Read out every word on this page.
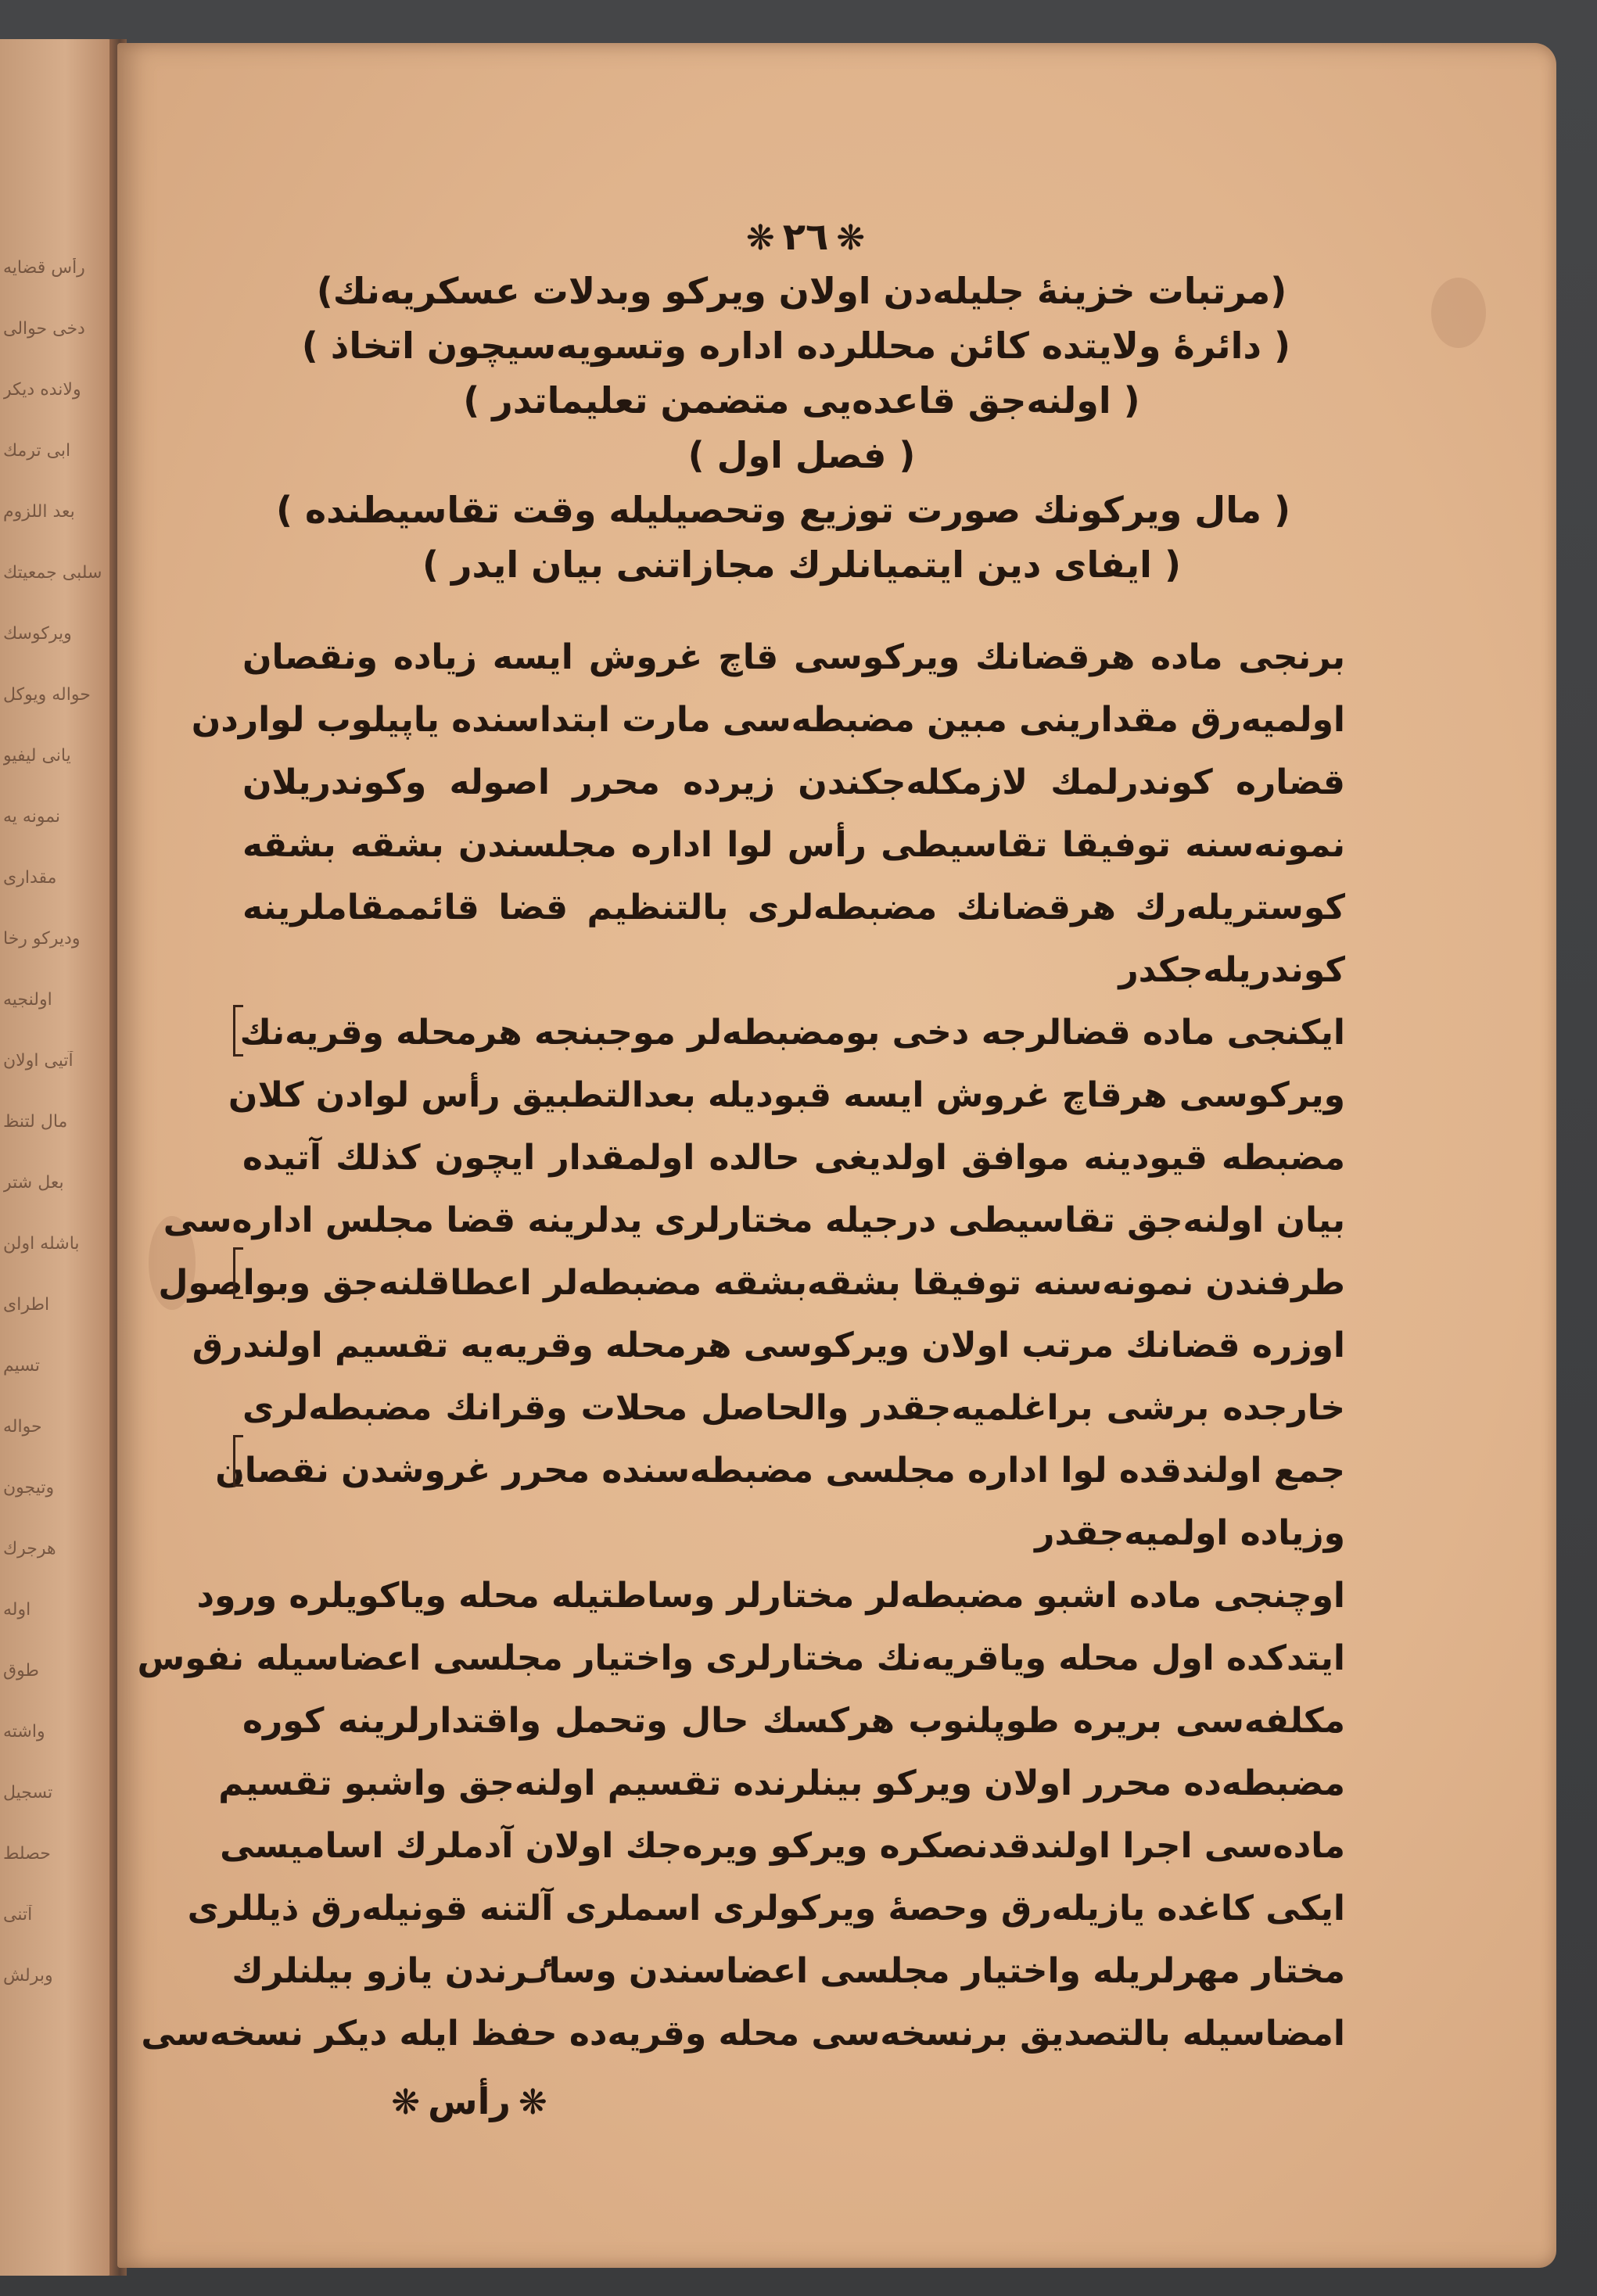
رأس قضايه
دخى حوالى
ولانده ديكر
ابى ترمك
بعد اللزوم
سلبى جمعيتك
ويركوسك
حواله ويوكل
يانى ليفيو
نمونه يه
مقدارى
وديركو رخا
اولنجيه
آتيى اولان
مال لتنظ
بعل شتر
باشله اولن
اطراى
تسيم
حواله
وتيجون
هرجرك
اوله
طوق
واشته
تسجيل
حصلط
آتنى
وبرلش
❋ ٢٦ ❋
(مرتبات خزينهٔ جليله‌دن اولان ويركو وبدلات عسكريه‌نك)
( دائرهٔ ولايتده كائن محللرده اداره وتسويه‌سيچون اتخاذ )
( اولنه‌جق قاعده‌يى متضمن تعليماتدر )
( فصل اول )
( مال ويركونك صورت توزيع وتحصيليله وقت تقاسيطنده )
( ايفاى دين ايتميانلرك مجازاتنى بيان ايدر )
برنجى ماده هرقضانك ويركوسى قاچ غروش ايسه زياده ونقصان
اولميه‌رق مقدارينى مبين مضبطه‌سى مارت ابتداسنده ياپيلوب لواردن
قضاره كوندرلمك لازمكله‌جكندن زيرده محرر اصوله وكوندريلان
نمونه‌سنه توفيقا تقاسيطى رأس لوا اداره مجلسندن بشقه بشقه
كوستريله‌رك هرقضانك مضبطه‌لرى بالتنظيم قضا قائممقاملرينه
كوندريله‌جكدر
ايكنجى ماده قضالرجه دخى بومضبطه‌لر موجبنجه هرمحله وقريه‌نك
ويركوسى هرقاچ غروش ايسه قبوديله بعدالتطبيق رأس لوادن كلان
مضبطه قيودينه موافق اولديغى حالده اولمقدار ايچون كذلك آتيده
بيان اولنه‌جق تقاسيطى درجيله مختارلرى يدلرينه قضا مجلس اداره‌سى
طرفندن نمونه‌سنه توفيقا بشقه‌بشقه مضبطه‌لر اعطاقلنه‌جق وبواصول
اوزره قضانك مرتب اولان ويركوسى هرمحله وقريه‌يه تقسيم اولندرق
خارجده برشى براغلميه‌جقدر والحاصل محلات وقرانك مضبطه‌لرى
جمع اولندقده لوا اداره مجلسى مضبطه‌سنده محرر غروشدن نقصان
وزياده اولميه‌جقدر
اوچنجى ماده اشبو مضبطه‌لر مختارلر وساطتيله محله وياكويلره ورود
ايتدكده اول محله وياقريه‌نك مختارلرى واختيار مجلسى اعضاسيله نفوس
مكلفه‌سى بريره طوپلنوب هركسك حال وتحمل واقتدارلرينه كوره
مضبطه‌ده محرر اولان ويركو بينلرنده تقسيم اولنه‌جق واشبو تقسيم
ماده‌سى اجرا اولندقدنصكره ويركو ويره‌جك اولان آدملرك اساميسى
ايكى كاغده يازيله‌رق وحصهٔ ويركولرى اسملرى آلتنه قونيله‌رق ذيللرى
مختار مهرلريله واختيار مجلسى اعضاسندن وساٸرندن يازو بيلنلرك
امضاسيله بالتصديق برنسخه‌سى محله وقريه‌ده حفظ ايله ديكر نسخه‌سى
❋ رأس ❋
